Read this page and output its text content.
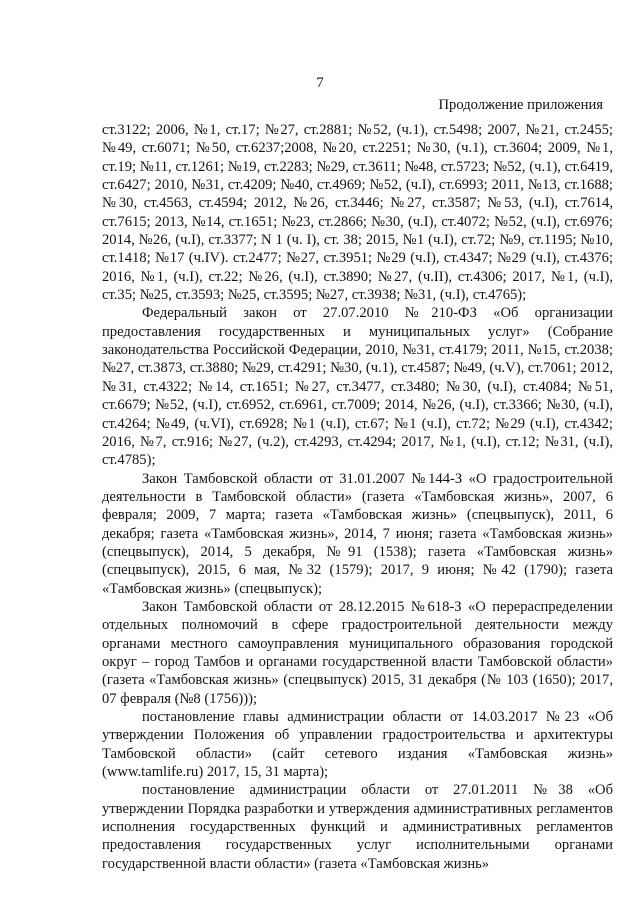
7
Продолжение приложения

ст.3122; 2006, №1, ст.17; №27, ст.2881; №52, (ч.1), ст.5498; 2007, №21, ст.2455; №49, ст.6071; №50, ст.6237;2008, №20, ст.2251; №30, (ч.1), ст.3604; 2009, №1, ст.19; №11, ст.1261; №19, ст.2283; №29, ст.3611; №48, ст.5723; №52, (ч.1), ст.6419, ст.6427; 2010, №31, ст.4209; №40, ст.4969; №52, (ч.I), ст.6993; 2011, №13, ст.1688; №30, ст.4563, ст.4594; 2012, №26, ст.3446; №27, ст.3587; №53, (ч.I), ст.7614, ст.7615; 2013, №14, ст.1651; №23, ст.2866; №30, (ч.I), ст.4072; №52, (ч.I), ст.6976; 2014, №26, (ч.I), ст.3377; N 1 (ч. I), ст. 38; 2015, №1 (ч.I), ст.72; №9, ст.1195; №10, ст.1418; №17 (ч.IV). ст.2477; №27, ст.3951; №29 (ч.I), ст.4347; №29 (ч.I), ст.4376; 2016, №1, (ч.I), ст.22; №26, (ч.I), ст.3890; №27, (ч.II), ст.4306; 2017, №1, (ч.I), ст.35; №25, ст.3593; №25, ст.3595; №27, ст.3938; №31, (ч.I), ст.4765);

Федеральный закон от 27.07.2010 №210-ФЗ «Об организации предоставления государственных и муниципальных услуг» (Собрание законодательства Российской Федерации, 2010, №31, ст.4179; 2011, №15, ст.2038; №27, ст.3873, ст.3880; №29, ст.4291; №30, (ч.1), ст.4587; №49, (ч.V), ст.7061; 2012, №31, ст.4322; №14, ст.1651; №27, ст.3477, ст.3480; №30, (ч.I), ст.4084; №51, ст.6679; №52, (ч.I), ст.6952, ст.6961, ст.7009; 2014, №26, (ч.I), ст.3366; №30, (ч.I), ст.4264; №49, (ч.VI), ст.6928; №1 (ч.I), ст.67; №1 (ч.I), ст.72; №29 (ч.I), ст.4342; 2016, №7, ст.916; №27, (ч.2), ст.4293, ст.4294; 2017, №1, (ч.I), ст.12; №31, (ч.I), ст.4785);

Закон Тамбовской области от 31.01.2007 №144-З «О градостроительной деятельности в Тамбовской области» (газета «Тамбовская жизнь», 2007, 6 февраля; 2009, 7 марта; газета «Тамбовская жизнь» (спецвыпуск), 2011, 6 декабря; газета «Тамбовская жизнь», 2014, 7 июня; газета «Тамбовская жизнь» (спецвыпуск), 2014, 5 декабря, №91 (1538); газета «Тамбовская жизнь» (спецвыпуск), 2015, 6 мая, №32 (1579); 2017, 9 июня; №42 (1790); газета «Тамбовская жизнь» (спецвыпуск);

Закон Тамбовской области от 28.12.2015 №618-З «О перераспределении отдельных полномочий в сфере градостроительной деятельности между органами местного самоуправления муниципального образования городской округ – город Тамбов и органами государственной власти Тамбовской области» (газета «Тамбовская жизнь» (спецвыпуск) 2015, 31 декабря (№ 103 (1650); 2017, 07 февраля (№8 (1756)));

постановление главы администрации области от 14.03.2017 №23 «Об утверждении Положения об управлении градостроительства и архитектуры Тамбовской области» (сайт сетевого издания «Тамбовская жизнь» (www.tamlife.ru) 2017, 15, 31 марта);

постановление администрации области от 27.01.2011 №38 «Об утверждении Порядка разработки и утверждения административных регламентов исполнения государственных функций и административных регламентов предоставления государственных услуг исполнительными органами государственной власти области» (газета «Тамбовская жизнь»
